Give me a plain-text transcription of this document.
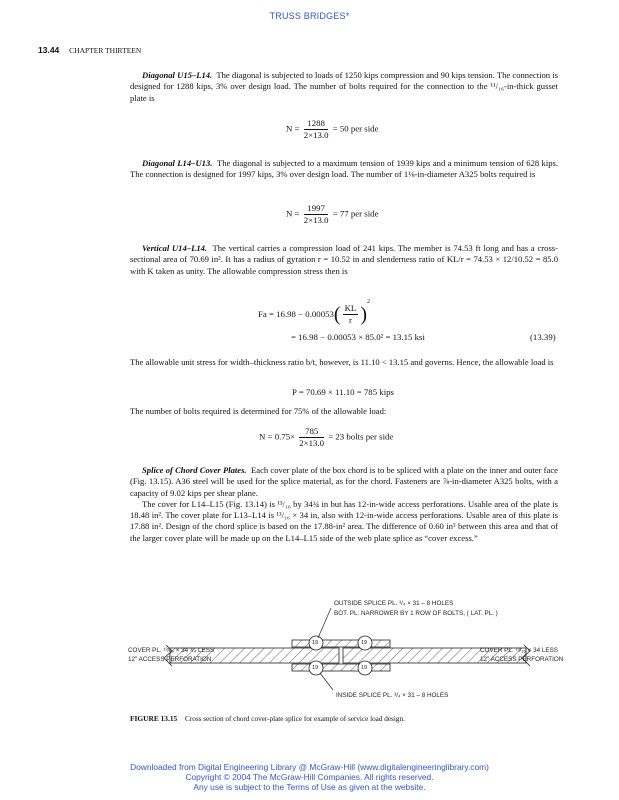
TRUSS BRIDGES*
13.44 CHAPTER THIRTEEN

Diagonal U15–L14. The diagonal is subjected to loads of 1250 kips compression and 90 kips tension. The connection is designed for 1288 kips, 3% over design load. The number of bolts required for the connection to the ¹¹/₁₆-in-thick gusset plate is

$N = \frac{1288}{2\times 13.0} = 50$ per side

Diagonal L14–U13. The diagonal is subjected to a maximum tension of 1939 kips and a minimum tension of 628 kips. The connection is designed for 1997 kips, 3% over design load. The number of 1⅛-in-diameter A325 bolts required is

$N = \frac{1997}{2\times 13.0} = 77$ per side

Vertical U14–L14. The vertical carries a compression load of 241 kips. The member is 74.53 ft long and has a cross-sectional area of 70.69 in². It has a radius of gyration r = 10.52 in and slenderness ratio of KL/r = 74.53 × 12/10.52 = 85.0 with K taken as unity. The allowable compression stress then is

$Fa = 16.98 - 0.00053( \frac{KL}{r} )^2$
= 16.98 − 0.00053 × 85.0² = 13.15 ksi	(13.39)

The allowable unit stress for width–thickness ratio b/t, however, is 11.10 < 13.15 and governs. Hence, the allowable load is

P = 70.69 × 11.10 = 785 kips

The number of bolts required is determined for 75% of the allowable load:

$N = 0.75\times \frac{785}{2\times 13.0} = 23$ bolts per side

Splice of Chord Cover Plates. Each cover plate of the box chord is to be spliced with a plate on the inner and outer face (Fig. 13.15). A36 steel will be used for the splice material, as for the chord. Fasteners are ⅞-in-diameter A325 bolts, with a capacity of 9.02 kips per shear plane.

The cover for L14–L15 (Fig. 13.14) is ¹³/₁₆ by 34¾ in but has 12-in-wide access perforations. Usable area of the plate is 18.48 in². The cover plate for L13–L14 is ¹³/₁₆ × 34 in, also with 12-in-wide access perforations. Usable area of this plate is 17.88 in². Design of the chord splice is based on the 17.88-in² area. The difference of 0.60 in² between this area and that of the larger cover plate will be made up on the L14–L15 side of the web plate splice as “cover excess.”

OUTSIDE SPLICE PL. ³/₄ × 31 – 8 HOLES
BOT. PL. NARROWER BY 1 ROW OF BOLTS, ( LAT. PL. )
COVER PL. ¹³/₁₆ × 34 ³/₄ LESS
12" ACCESS PERFORATION
COVER PL. ¹³/₁₆ × 34 LESS
12" ACCESS PERFORATION
INSIDE SPLICE PL. ³/₄ × 31 – 8 HOLES
19	19
19	19
FIGURE 13.15 Cross section of chord cover-plate splice for example of service load design.
Downloaded from Digital Engineering Library @ McGraw-Hill (www.digitalengineeringlibrary.com)
Copyright © 2004 The McGraw-Hill Companies. All rights reserved.
Any use is subject to the Terms of Use as given at the website.
